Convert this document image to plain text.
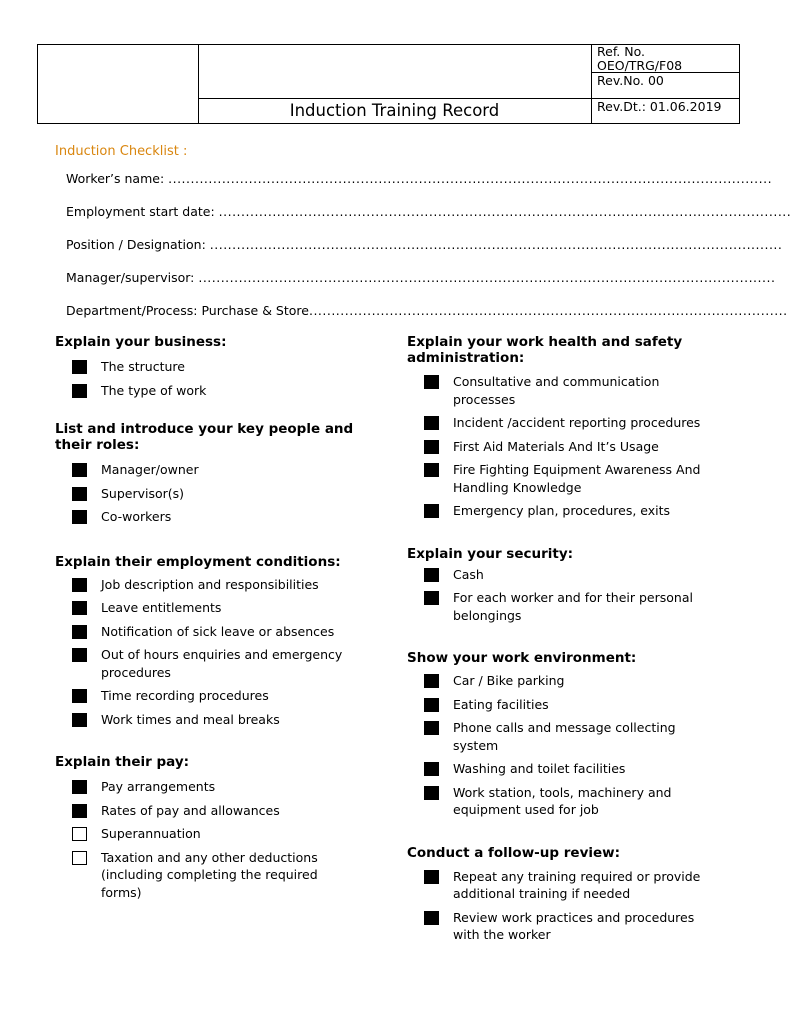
Induction Training Record
Ref. No.
OEO/TRG/F08
Rev.No. 00
Rev.Dt.: 01.06.2019
Induction Checklist :
Worker’s name: .......................................................................................................................................
Employment start date: ................................................................................................................................
Position / Designation: ................................................................................................................................
Manager/supervisor: .................................................................................................................................
Department/Process: Purchase & Store...........................................................................................................

Explain your business:

The structure
The type of work

List and introduce your key people and their roles:

Manager/owner
Supervisor(s)
Co-workers

Explain their employment conditions:

Job description and responsibilities
Leave entitlements
Notification of sick leave or absences
Out of hours enquiries and emergency procedures
Time recording procedures
Work times and meal breaks

Explain their pay:

Pay arrangements
Rates of pay and allowances
Superannuation
Taxation and any other deductions (including completing the required forms)

Explain your work health and safety administration:

Consultative and communication processes
Incident /accident reporting procedures
First Aid Materials And It’s Usage
Fire Fighting Equipment Awareness And Handling Knowledge
Emergency plan, procedures, exits

Explain your security:

Cash
For each worker and for their personal belongings

Show your work environment:

Car / Bike parking
Eating facilities
Phone calls and message collecting system
Washing and toilet facilities
Work station, tools, machinery and equipment used for job

Conduct a follow-up review:

Repeat any training required or provide additional training if needed
Review work practices and procedures with the worker
